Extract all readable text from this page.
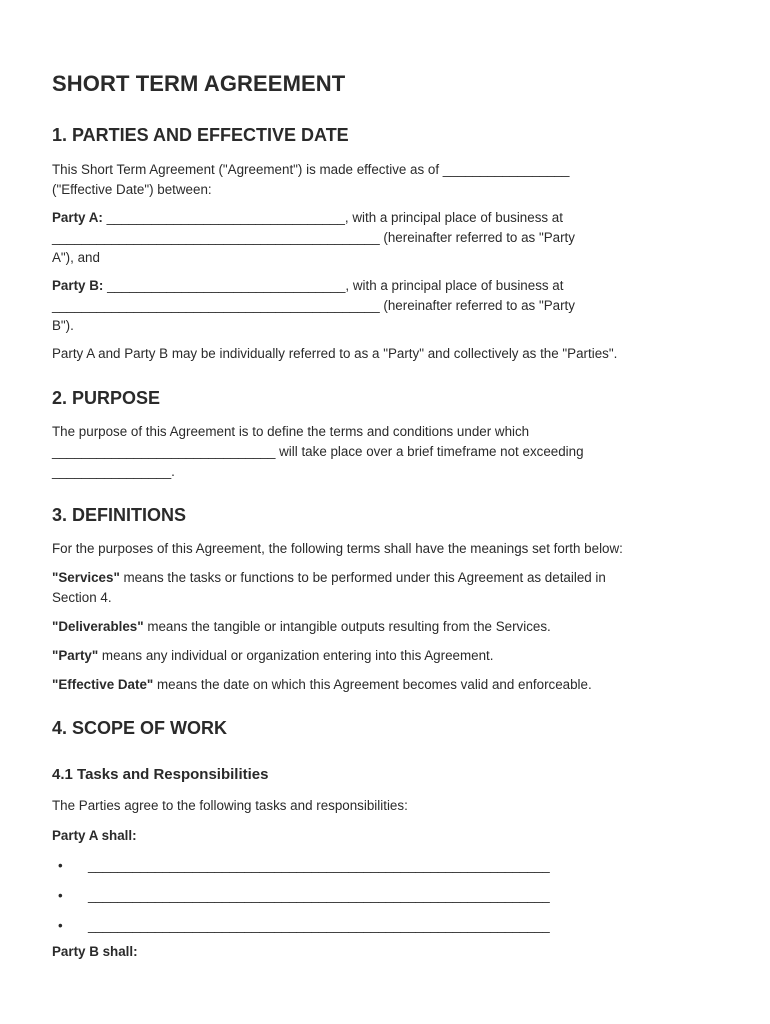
SHORT TERM AGREEMENT
1. PARTIES AND EFFECTIVE DATE
This Short Term Agreement ("Agreement") is made effective as of _________________
("Effective Date") between:
Party A: ________________________________, with a principal place of business at
____________________________________________ (hereinafter referred to as "Party
A"), and
Party B: ________________________________, with a principal place of business at
____________________________________________ (hereinafter referred to as "Party
B").
Party A and Party B may be individually referred to as a "Party" and collectively as the "Parties".
2. PURPOSE
The purpose of this Agreement is to define the terms and conditions under which
______________________________ will take place over a brief timeframe not exceeding
________________.
3. DEFINITIONS
For the purposes of this Agreement, the following terms shall have the meanings set forth below:
"Services" means the tasks or functions to be performed under this Agreement as detailed in
Section 4.
"Deliverables" means the tangible or intangible outputs resulting from the Services.
"Party" means any individual or organization entering into this Agreement.
"Effective Date" means the date on which this Agreement becomes valid and enforceable.
4. SCOPE OF WORK
4.1 Tasks and Responsibilities
The Parties agree to the following tasks and responsibilities:
Party A shall:
• ______________________________________________________________
• ______________________________________________________________
• ______________________________________________________________
Party B shall:
